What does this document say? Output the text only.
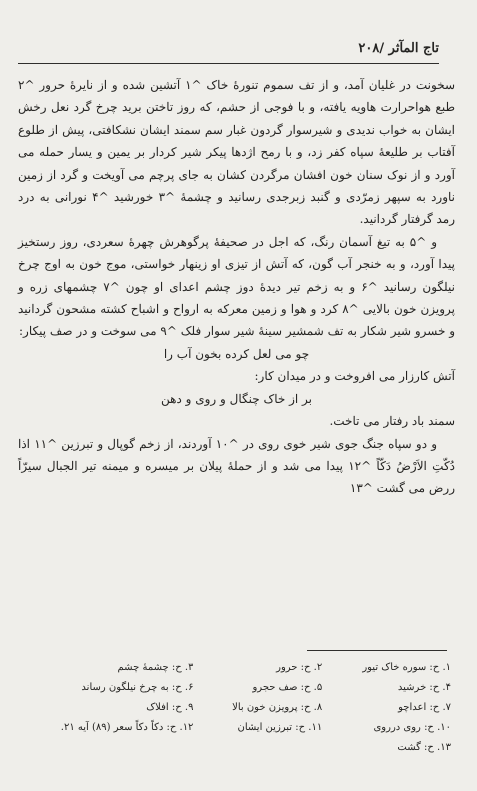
تاج المآثر /۲۰۸

سخونت در غلیان آمد، و از تف سموم تنورۀ خاک ^۱ آتشین شده و از نایرۀ حرور ^۲ طبع هواحرارت هاویه یافته، و با فوجی از حشم، که روز تاختن برید چرخ گرد نعل رخش ایشان به خواب ندیدی و شیرسوار گردون غبار سم سمند ایشان نشکافتی، پیش از طلوع آفتاب بر طلیعۀ سپاه کفر زد، و با رمح اژدها پیکر شیر کردار بر یمین و یسار حمله می آورد و از نوک سنان خون افشان مرگردن کشان به جای پرچم می آویخت و گرد از زمین ناورد به سپهر زمرّدی و گنبد زبرجدی رسانید و چشمۀ ^۳ خورشید ^۴ نورانی به درد رمد گرفتار گردانید.

و ^۵ به تیغ آسمان رنگ، که اجل در صحیفۀ پرگوهرش چهرۀ سعردی، روز رستخیز پیدا آورد، و به خنجر آب گون، که آتش از تیزی او زینهار خواستی، موج خون به اوج چرخ نیلگون رسانید ^۶ و به زخم تیر دیدۀ دوز چشم اعدای او چون ^۷ چشمهای زره و پرویزن خون بالایی ^۸ کرد و هوا و زمین معرکه به ارواح و اشباح کشته مشحون گردانید و خسرو شیر شکار به تف شمشیر سینۀ شیر سوار فلک ^۹ می سوخت و در صف پیکار:

چو می لعل کرده بخون آب را

آتش کارزار می افروخت و در میدان کار:

بر از خاک چنگال و روی و دهن

سمند باد رفتار می تاخت.

و دو سپاه جنگ جوی شیر خوی روی در ^۱۰ آوردند، از زخم گوپال و تبرزین ^۱۱ اذا دُکّتِ الاَرْضُ دَکّاً ^۱۲ پیدا می شد و از حملۀ پیلان بر میسره و میمنه تیر الجبال سیرّاً ررض می گشت ^۱۳

۱. ح: سوره خاک تیور
۲. ح: حرور
۳. ح: چشمۀ چشم
۴. ح: خرشید
۵. ح: صف حجرو
۶. ح: به چرخ نیلگون رساند
۷. ح: اعداچو
۸. ح: پرویزن خون بالا
۹. ح: افلاک
۱۰. ح: روی درروی
۱۱. ح: تبرزین ایشان
۱۲. ح: دکاً دکاً سعر (۸۹) آیه ۲۱.
۱۳. ح: گشت
